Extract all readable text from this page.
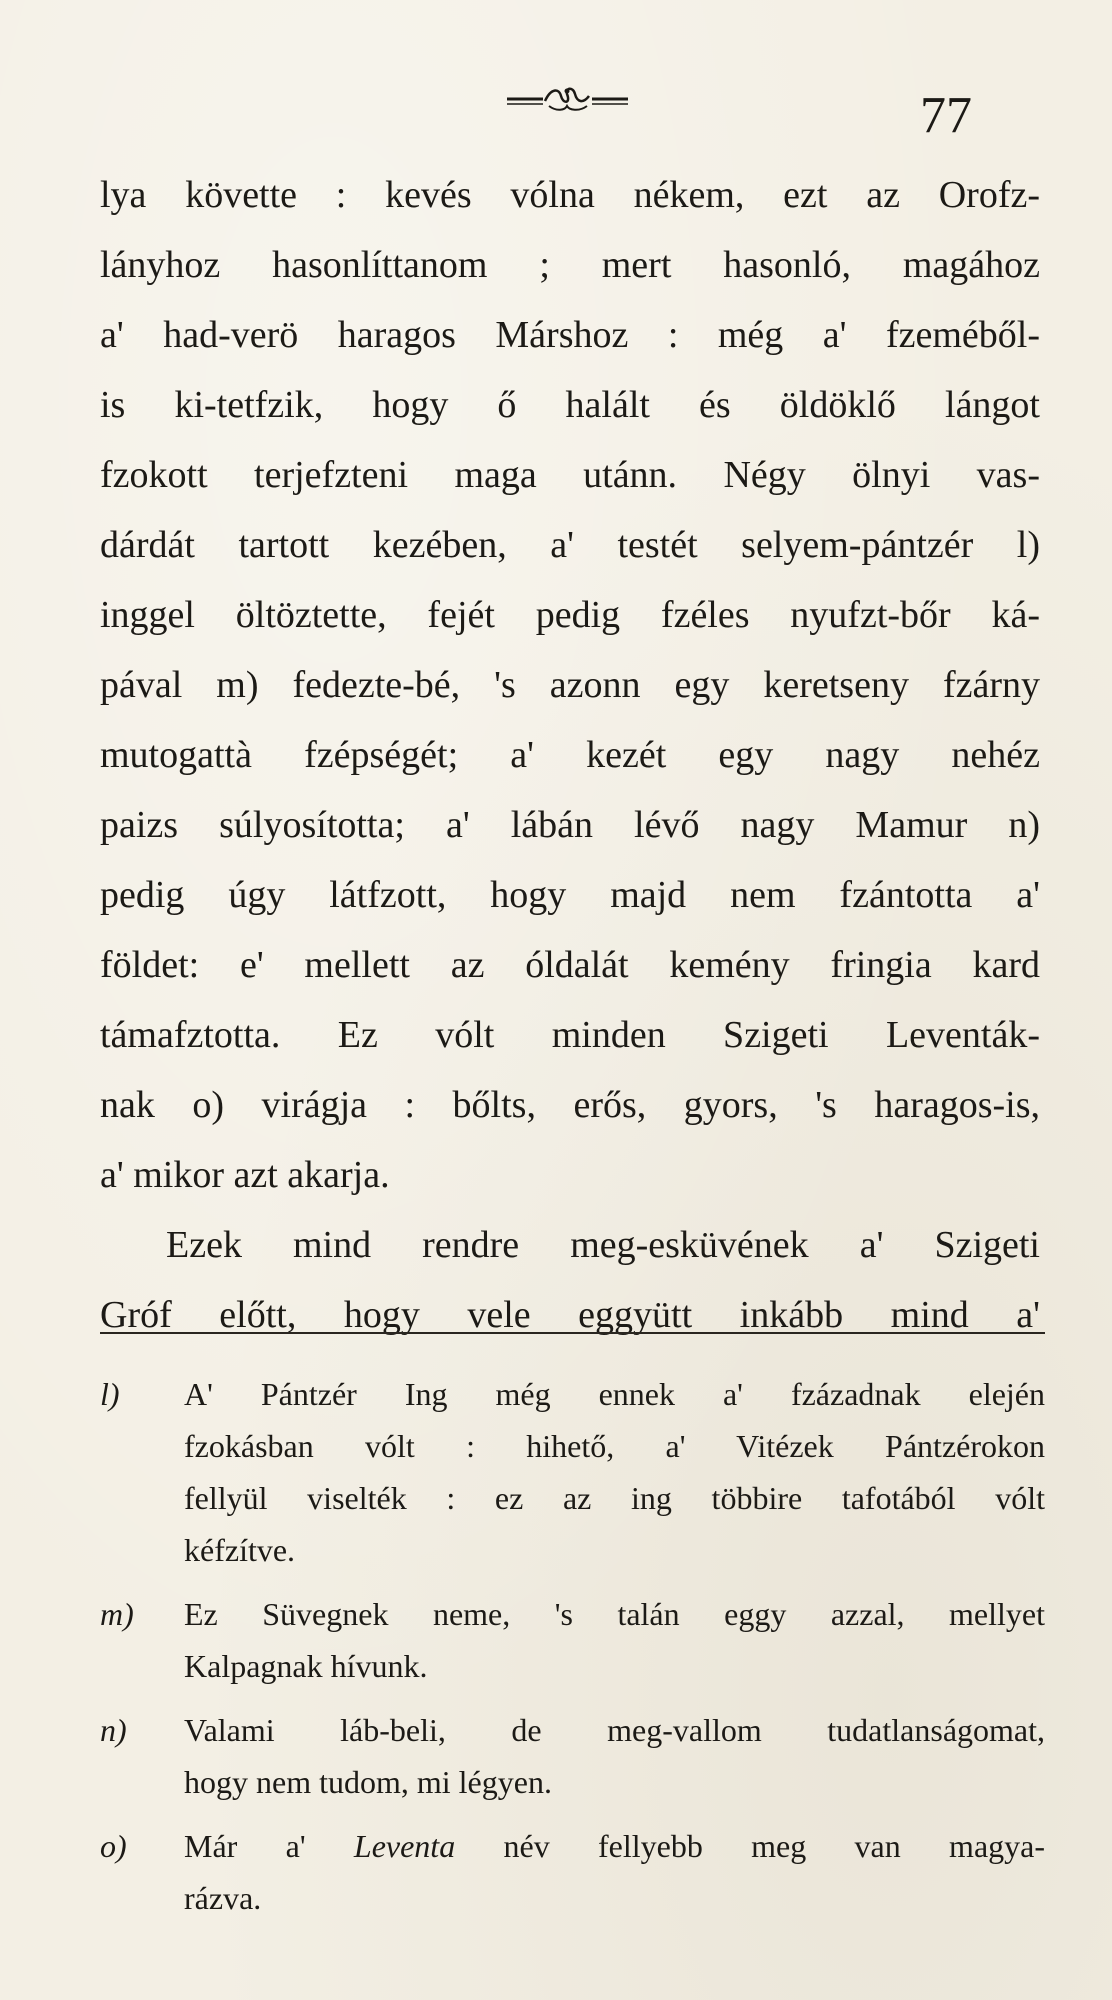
77
lya követte : kevés vólna nékem, ezt az Orofz-
lányhoz hasonlíttanom ; mert hasonló, magához
a' had-verö haragos Márshoz : még a' fzeméből-
is ki-tetfzik, hogy ő halált és öldöklő lángot
fzokott terjefzteni maga utánn. Négy ölnyi vas-
dárdát tartott kezében, a' testét selyem-pántzér l)
inggel öltöztette, fejét pedig fzéles nyufzt-bőr ká-
pával m) fedezte-bé, 's azonn egy keretseny fzárny
mutogattà fzépségét; a' kezét egy nagy nehéz
paizs súlyosította; a' lábán lévő nagy Mamur n)
pedig úgy látfzott, hogy majd nem fzántotta a'
földet: e' mellett az óldalát kemény fringia kard
támafztotta. Ez vólt minden Szigeti Leventák-
nak o) virágja : bőlts, erős, gyors, 's haragos-is,
a' mikor azt akarja.
Ezek mind rendre meg-esküvének a' Szigeti
Gróf előtt, hogy vele eggyütt inkább mind a'
l)	A' Pántzér Ing még ennek a' fzázadnak elején
fzokásban vólt : hihető, a' Vitézek Pántzérokon
fellyül viselték : ez az ing többire tafotából vólt
kéfzítve.
m)	Ez Süvegnek neme, 's talán eggy azzal, mellyet
Kalpagnak hívunk.
n)	Valami láb-beli, de meg-vallom tudatlanságomat,
hogy nem tudom, mi légyen.
o)	Már a' Leventa név fellyebb meg van magya-
rázva.
